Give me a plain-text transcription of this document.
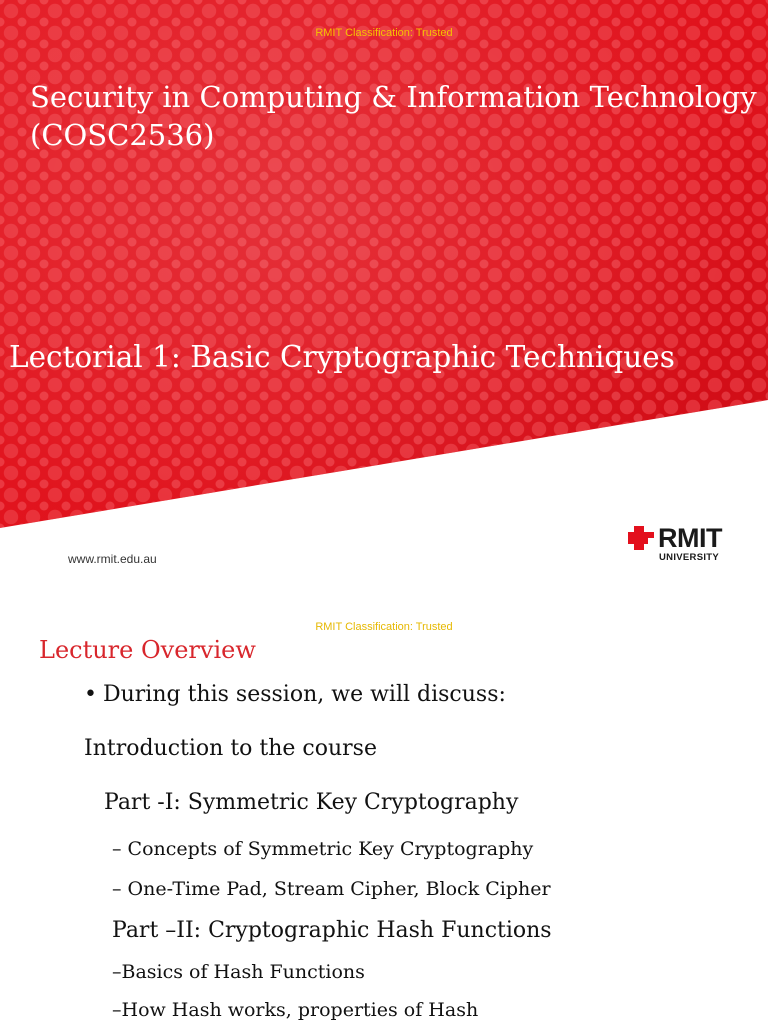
RMIT Classification: Trusted
Security in Computing & Information Technology (COSC2536)
Lectorial 1: Basic Cryptographic Techniques
www.rmit.edu.au
RMIT
UNIVERSITY
RMIT Classification: Trusted
Lecture Overview

• During this session, we will discuss:

Introduction to the course

Part -I: Symmetric Key Cryptography

– Concepts of Symmetric Key Cryptography

– One-Time Pad, Stream Cipher, Block Cipher

Part –II: Cryptographic Hash Functions

–Basics of Hash Functions

–How Hash works, properties of Hash
